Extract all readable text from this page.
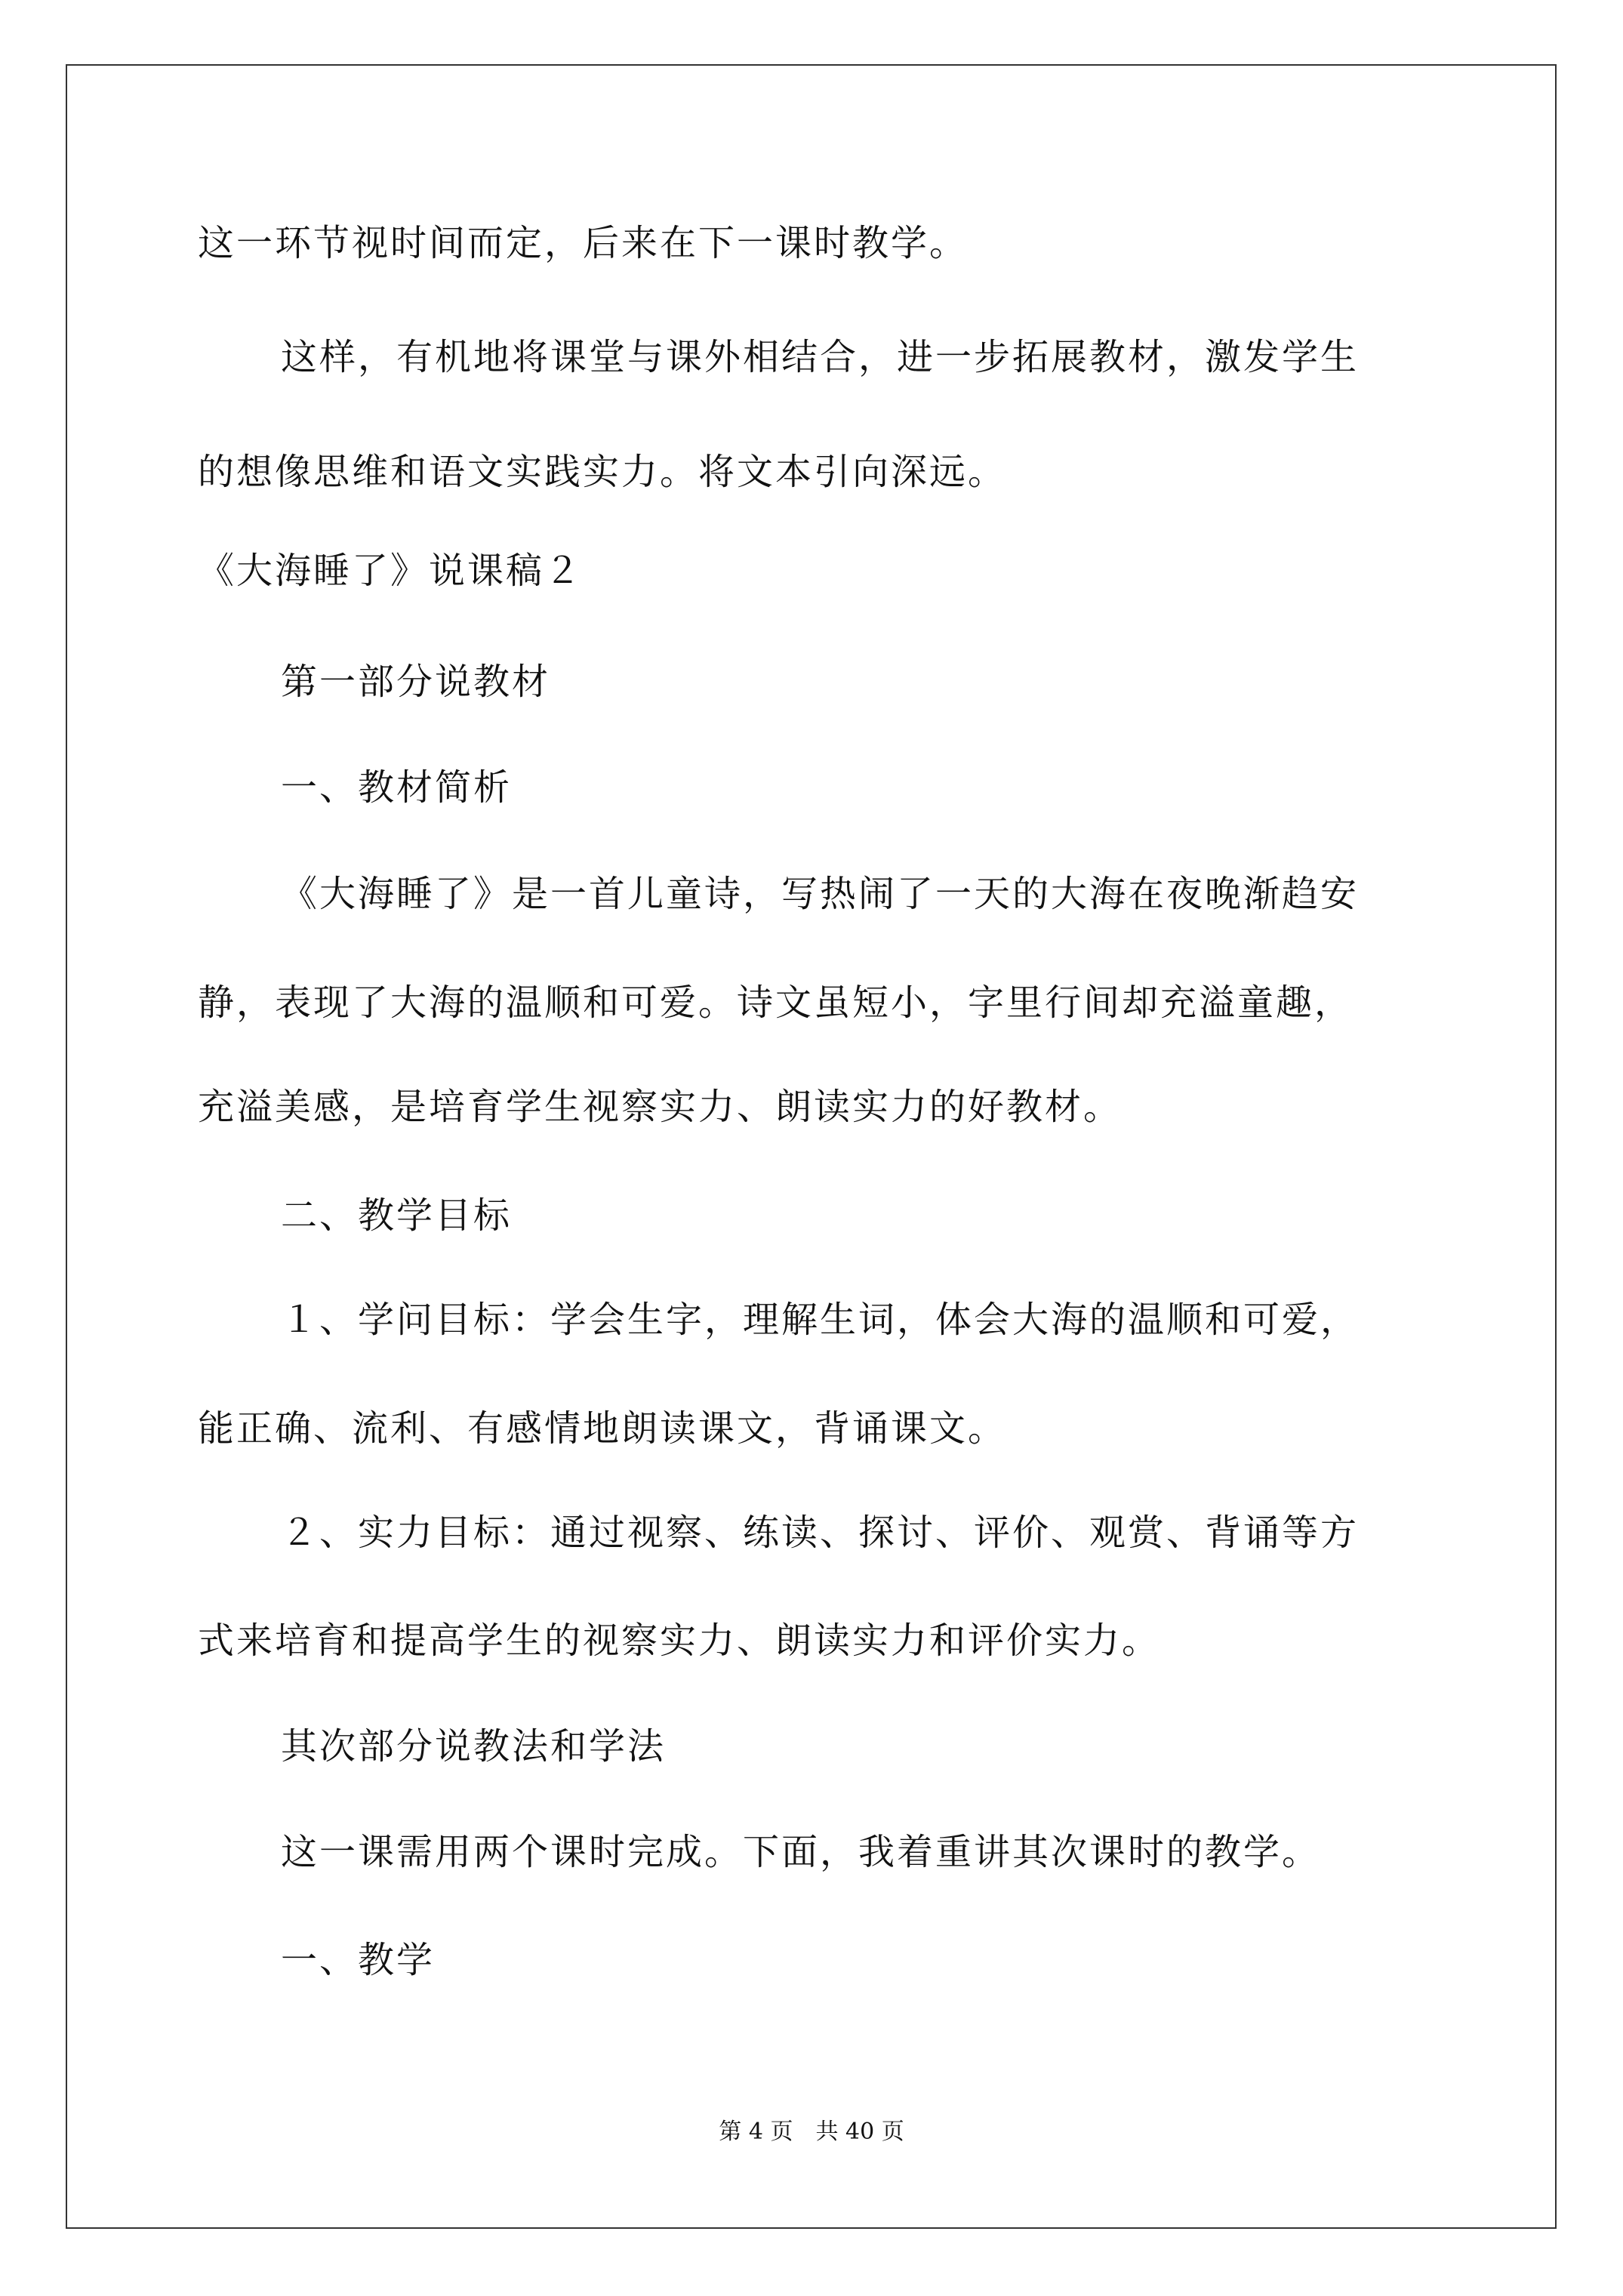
这一环节视时间而定，后来在下一课时教学。
这样，有机地将课堂与课外相结合，进一步拓展教材，激发学生
的想像思维和语文实践实力。将文本引向深远。
《大海睡了》说课稿２
第一部分说教材
一、教材简析
《大海睡了》是一首儿童诗，写热闹了一天的大海在夜晚渐趋安
静，表现了大海的温顺和可爱。诗文虽短小，字里行间却充溢童趣，
充溢美感，是培育学生视察实力、朗读实力的好教材。
二、教学目标
１、学问目标：学会生字，理解生词，体会大海的温顺和可爱，
能正确、流利、有感情地朗读课文，背诵课文。
２、实力目标：通过视察、练读、探讨、评价、观赏、背诵等方
式来培育和提高学生的视察实力、朗读实力和评价实力。
其次部分说教法和学法
这一课需用两个课时完成。下面，我着重讲其次课时的教学。
一、教学
第 4 页 共 40 页
